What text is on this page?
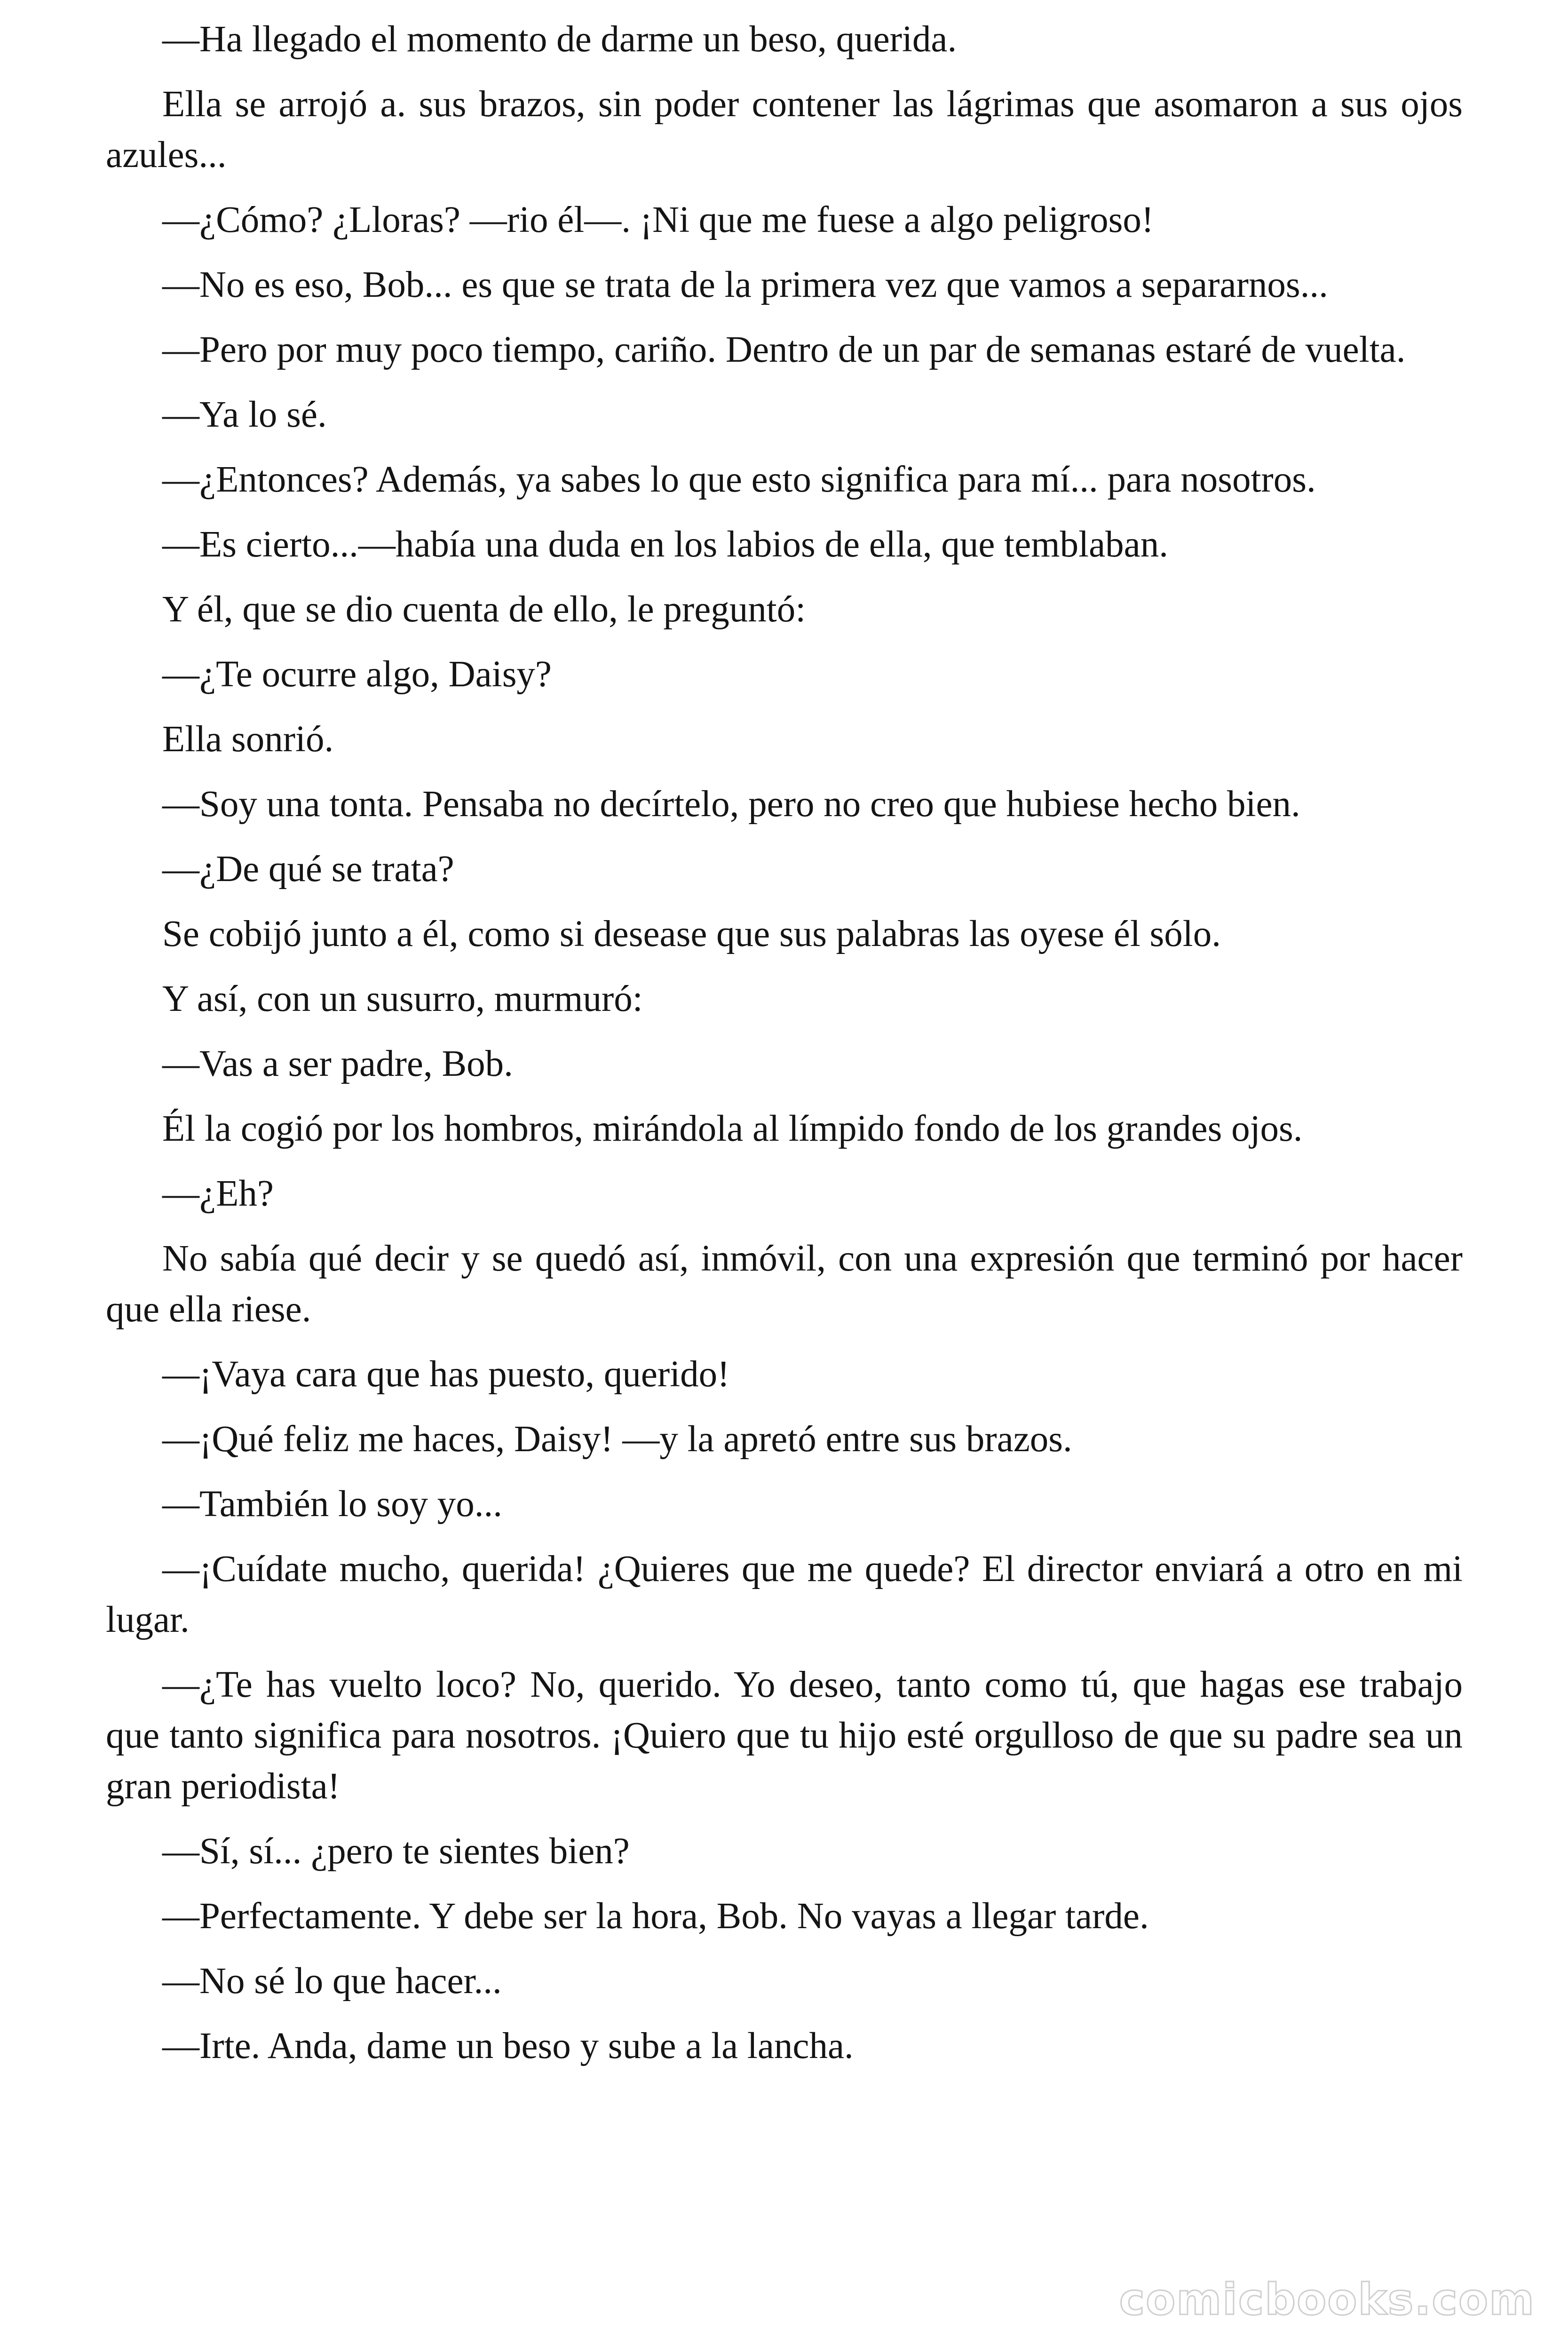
—Ha llegado el momento de darme un beso, querida.

Ella se arrojó a. sus brazos, sin poder contener las lágrimas que asomaron a sus ojos azules...

—¿Cómo? ¿Lloras? —rio él—. ¡Ni que me fuese a algo peligroso!

—No es eso, Bob... es que se trata de la primera vez que vamos a separarnos...

—Pero por muy poco tiempo, cariño. Dentro de un par de semanas estaré de vuelta.

—Ya lo sé.

—¿Entonces? Además, ya sabes lo que esto significa para mí... para nosotros.

—Es cierto...—había una duda en los labios de ella, que temblaban.

Y él, que se dio cuenta de ello, le preguntó:

—¿Te ocurre algo, Daisy?

Ella sonrió.

—Soy una tonta. Pensaba no decírtelo, pero no creo que hubiese hecho bien.

—¿De qué se trata?

Se cobijó junto a él, como si desease que sus palabras las oyese él sólo.

Y así, con un susurro, murmuró:

—Vas a ser padre, Bob.

Él la cogió por los hombros, mirándola al límpido fondo de los grandes ojos.

—¿Eh?

No sabía qué decir y se quedó así, inmóvil, con una expresión que terminó por hacer que ella riese.

—¡Vaya cara que has puesto, querido!

—¡Qué feliz me haces, Daisy! —y la apretó entre sus brazos.

—También lo soy yo...

—¡Cuídate mucho, querida! ¿Quieres que me quede? El director enviará a otro en mi lugar.

—¿Te has vuelto loco? No, querido. Yo deseo, tanto como tú, que hagas ese trabajo que tanto significa para nosotros. ¡Quiero que tu hijo esté orgulloso de que su padre sea un gran periodista!

—Sí, sí... ¿pero te sientes bien?

—Perfectamente. Y debe ser la hora, Bob. No vayas a llegar tarde.

—No sé lo que hacer...

—Irte. Anda, dame un beso y sube a la lancha.

comicbooks.com
